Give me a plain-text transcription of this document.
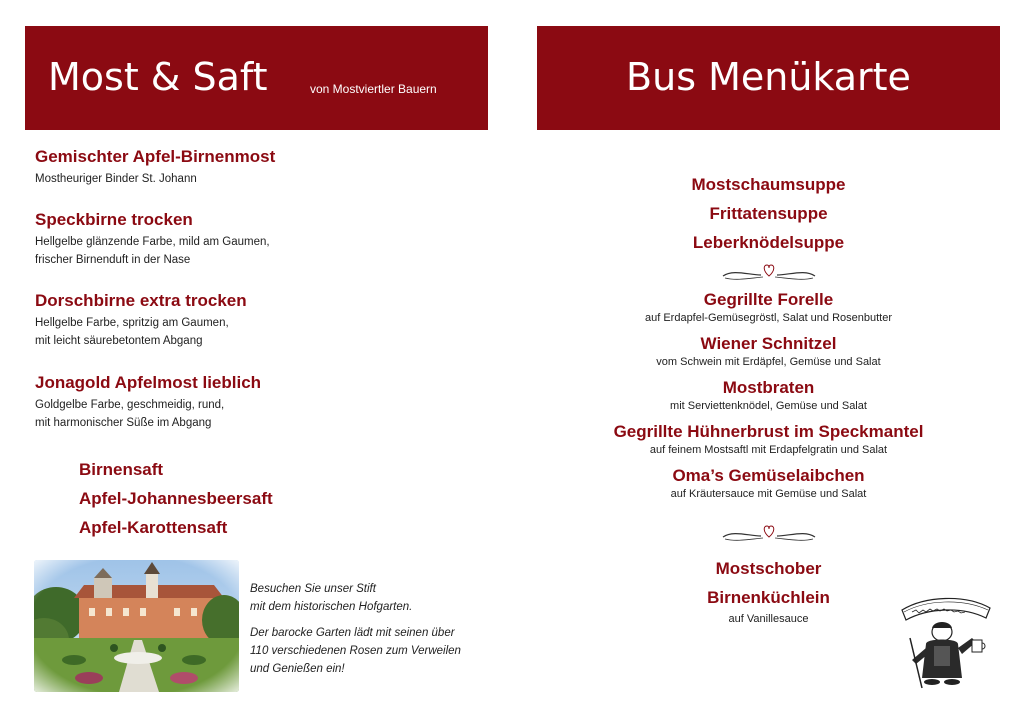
Most & Saft	von Mostviertler Bauern	Bus Menükarte
Gemischter Apfel-Birnenmost
Mostheuriger Binder St. Johann
Speckbirne trocken
Hellgelbe glänzende Farbe, mild am Gaumen,
frischer Birnenduft in der Nase
Dorschbirne extra trocken
Hellgelbe Farbe, spritzig am Gaumen,
mit leicht säurebetontem Abgang
Jonagold Apfelmost lieblich
Goldgelbe Farbe, geschmeidig, rund,
mit harmonischer Süße im Abgang
Birnensaft
Apfel-Johannesbeersaft
Apfel-Karottensaft

Besuchen Sie unser Stift
mit dem historischen Hofgarten.

Der barocke Garten lädt mit seinen über
110 verschiedenen Rosen zum Verweilen
und Genießen ein!

Mostschaumsuppe
Frittatensuppe
Leberknödelsuppe
Gegrillte Forelle
auf Erdapfel-Gemüsegröstl, Salat und Rosenbutter
Wiener Schnitzel
vom Schwein mit Erdäpfel, Gemüse und Salat
Mostbraten
mit Serviettenknödel, Gemüse und Salat
Gegrillte Hühnerbrust im Speckmantel
auf feinem Mostsaftl mit Erdapfelgratin und Salat
Oma’s Gemüselaibchen
auf Kräutersauce mit Gemüse und Salat
Mostschober
Birnenküchlein
auf Vanillesauce
